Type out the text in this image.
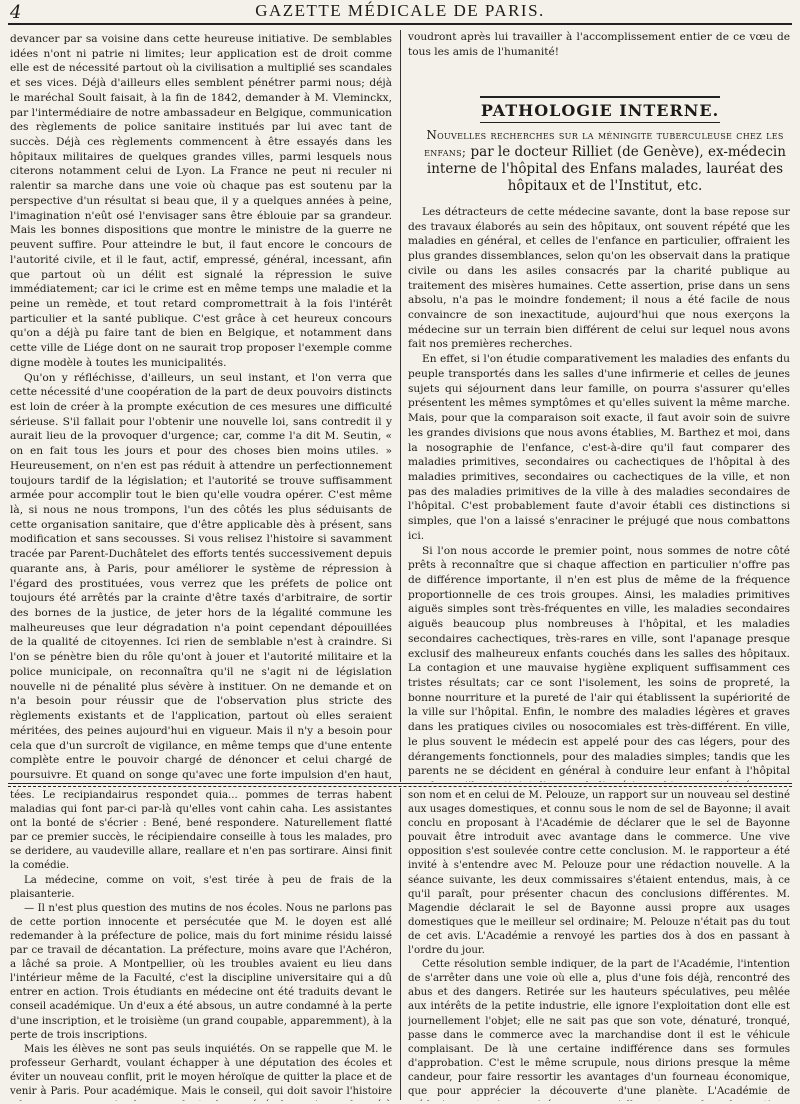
4	GAZETTE MÉDICALE DE PARIS.

devancer par sa voisine dans cette heureuse initiative. De semblables idées n'ont ni patrie ni limites; leur application est de droit comme elle est de nécessité partout où la civilisation a multiplié ses scandales et ses vices. Déjà d'ailleurs elles semblent pénétrer parmi nous; déjà le maréchal Soult faisait, à la fin de 1842, demander à M. Vleminckx, par l'intermédiaire de notre ambassadeur en Belgique, communication des règlements de police sanitaire institués par lui avec tant de succès. Déjà ces règlements commencent à être essayés dans les hôpitaux militaires de quelques grandes villes, parmi lesquels nous citerons notamment celui de Lyon. La France ne peut ni reculer ni ralentir sa marche dans une voie où chaque pas est soutenu par la perspective d'un résultat si beau que, il y a quelques années à peine, l'imagination n'eût osé l'envisager sans être éblouie par sa grandeur. Mais les bonnes dispositions que montre le ministre de la guerre ne peuvent suffire. Pour atteindre le but, il faut encore le concours de l'autorité civile, et il le faut, actif, empressé, général, incessant, afin que partout où un délit est signalé la répression le suive immédiatement; car ici le crime est en même temps une maladie et la peine un remède, et tout retard compromettrait à la fois l'intérêt particulier et la santé publique. C'est grâce à cet heureux concours qu'on a déjà pu faire tant de bien en Belgique, et notamment dans cette ville de Liége dont on ne saurait trop proposer l'exemple comme digne modèle à toutes les municipalités.

Qu'on y réfléchisse, d'ailleurs, un seul instant, et l'on verra que cette nécessité d'une coopération de la part de deux pouvoirs distincts est loin de créer à la prompte exécution de ces mesures une difficulté sérieuse. S'il fallait pour l'obtenir une nouvelle loi, sans contredit il y aurait lieu de la provoquer d'urgence; car, comme l'a dit M. Seutin, « on en fait tous les jours et pour des choses bien moins utiles. » Heureusement, on n'en est pas réduit à attendre un perfectionnement toujours tardif de la législation; et l'autorité se trouve suffisamment armée pour accomplir tout le bien qu'elle voudra opérer. C'est même là, si nous ne nous trompons, l'un des côtés les plus séduisants de cette organisation sanitaire, que d'être applicable dès à présent, sans modification et sans secousses. Si vous relisez l'histoire si savamment tracée par Parent-Duchâtelet des efforts tentés successivement depuis quarante ans, à Paris, pour améliorer le système de répression à l'égard des prostituées, vous verrez que les préfets de police ont toujours été arrêtés par la crainte d'être taxés d'arbitraire, de sortir des bornes de la justice, de jeter hors de la légalité commune les malheureuses que leur dégradation n'a point cependant dépouillées de la qualité de citoyennes. Ici rien de semblable n'est à craindre. Si l'on se pénètre bien du rôle qu'ont à jouer et l'autorité militaire et la police municipale, on reconnaîtra qu'il ne s'agit ni de législation nouvelle ni de pénalité plus sévère à instituer. On ne demande et on n'a besoin pour réussir que de l'observation plus stricte des règlements existants et de l'application, partout où elles seraient méritées, des peines aujourd'hui en vigueur. Mais il n'y a besoin pour cela que d'un surcroît de vigilance, en même temps que d'une entente complète entre le pouvoir chargé de dénoncer et celui chargé de poursuivre. Et quand on songe qu'avec une forte impulsion d'en haut,

voudront après lui travailler à l'accomplissement entier de ce vœu de tous les amis de l'humanité!

PATHOLOGIE INTERNE.
Nouvelles recherches sur la méningite tuberculeuse chez les enfans; par le docteur Rilliet (de Genève), ex-médecin interne de l'hôpital des Enfans malades, lauréat des hôpitaux et de l'Institut, etc.

Les détracteurs de cette médecine savante, dont la base repose sur des travaux élaborés au sein des hôpitaux, ont souvent répété que les maladies en général, et celles de l'enfance en particulier, offraient les plus grandes dissemblances, selon qu'on les observait dans la pratique civile ou dans les asiles consacrés par la charité publique au traitement des misères humaines. Cette assertion, prise dans un sens absolu, n'a pas le moindre fondement; il nous a été facile de nous convaincre de son inexactitude, aujourd'hui que nous exerçons la médecine sur un terrain bien différent de celui sur lequel nous avons fait nos premières recherches.

En effet, si l'on étudie comparativement les maladies des enfants du peuple transportés dans les salles d'une infirmerie et celles de jeunes sujets qui séjournent dans leur famille, on pourra s'assurer qu'elles présentent les mêmes symptômes et qu'elles suivent la même marche. Mais, pour que la comparaison soit exacte, il faut avoir soin de suivre les grandes divisions que nous avons établies, M. Barthez et moi, dans la nosographie de l'enfance, c'est-à-dire qu'il faut comparer des maladies primitives, secondaires ou cachectiques de l'hôpital à des maladies primitives, secondaires ou cachectiques de la ville, et non pas des maladies primitives de la ville à des maladies secondaires de l'hôpital. C'est probablement faute d'avoir établi ces distinctions si simples, que l'on a laissé s'enraciner le préjugé que nous combattons ici.

Si l'on nous accorde le premier point, nous sommes de notre côté prêts à reconnaître que si chaque affection en particulier n'offre pas de différence importante, il n'en est plus de même de la fréquence proportionnelle de ces trois groupes. Ainsi, les maladies primitives aiguës simples sont très-fréquentes en ville, les maladies secondaires aiguës beaucoup plus nombreuses à l'hôpital, et les maladies secondaires cachectiques, très-rares en ville, sont l'apanage presque exclusif des malheureux enfants couchés dans les salles des hôpitaux. La contagion et une mauvaise hygiène expliquent suffisamment ces tristes résultats; car ce sont l'isolement, les soins de propreté, la bonne nourriture et la pureté de l'air qui établissent la supériorité de la ville sur l'hôpital. Enfin, le nombre des maladies légères et graves dans les pratiques civiles ou nosocomiales est très-différent. En ville, le plus souvent le médecin est appelé pour des cas légers, pour des dérangements fonctionnels, pour des maladies simples; tandis que les parents ne se décident en général à conduire leur enfant à l'hôpital

tées. Le recipiandairus respondet quia... pommes de terras habent maladias qui font par-ci par-là qu'elles vont cahin caha. Les assistantes ont la bonté de s'écrier : Bené, bené respondere. Naturellement flatté par ce premier succès, le récipiendaire conseille à tous les malades, pro se deridere, au vaudeville allare, reallare et n'en pas sortirare. Ainsi finit la comédie.

La médecine, comme on voit, s'est tirée à peu de frais de la plaisanterie.

— Il n'est plus question des mutins de nos écoles. Nous ne parlons pas de cette portion innocente et persécutée que M. le doyen est allé redemander à la préfecture de police, mais du fort minime résidu laissé par ce travail de décantation. La préfecture, moins avare que l'Achéron, a lâché sa proie. A Montpellier, où les troubles avaient eu lieu dans l'intérieur même de la Faculté, c'est la discipline universitaire qui a dû entrer en action. Trois étudiants en médecine ont été traduits devant le conseil académique. Un d'eux a été absous, un autre condamné à la perte d'une inscription, et le troisième (un grand coupable, apparemment), à la perte de trois inscriptions.

Mais les élèves ne sont pas seuls inquiétés. On se rappelle que M. le professeur Gerhardt, voulant échapper à une députation des écoles et éviter un nouveau conflit, prit le moyen héroïque de quitter la place et de venir à Paris. Pour académique. Mais le conseil, qui doit savoir l'histoire

son nom et en celui de M. Pelouze, un rapport sur un nouveau sel destiné aux usages domestiques, et connu sous le nom de sel de Bayonne; il avait conclu en proposant à l'Académie de déclarer que le sel de Bayonne pouvait être introduit avec avantage dans le commerce. Une vive opposition s'est soulevée contre cette conclusion. M. le rapporteur a été invité à s'entendre avec M. Pelouze pour une rédaction nouvelle. A la séance suivante, les deux commissaires s'étaient entendus, mais, à ce qu'il paraît, pour présenter chacun des conclusions différentes. M. Magendie déclarait le sel de Bayonne aussi propre aux usages domestiques que le meilleur sel ordinaire; M. Pelouze n'était pas du tout de cet avis. L'Académie a renvoyé les parties dos à dos en passant à l'ordre du jour.

Cette résolution semble indiquer, de la part de l'Académie, l'intention de s'arrêter dans une voie où elle a, plus d'une fois déjà, rencontré des abus et des dangers. Retirée sur les hauteurs spéculatives, peu mêlée aux intérêts de la petite industrie, elle ignore l'exploitation dont elle est journellement l'objet; elle ne sait pas que son vote, dénaturé, tronqué, passe dans le commerce avec la marchandise dont il est le véhicule complaisant. De là une certaine indifférence dans ses formules d'approbation. C'est le même scrupule, nous dirions presque la même candeur, pour faire ressortir les avantages d'un fourneau économique, que pour apprécier la découverte d'une planète. L'Académie de
